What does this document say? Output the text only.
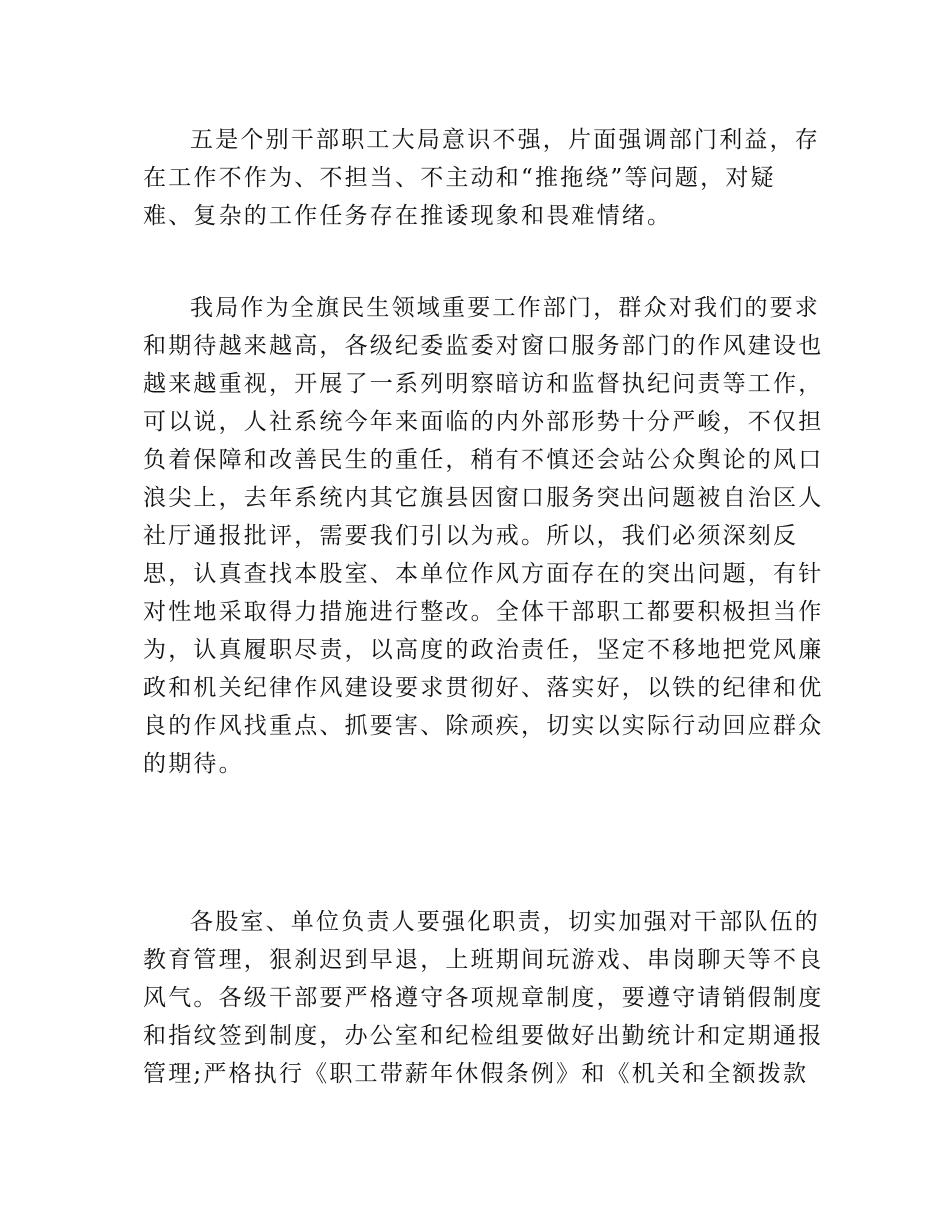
五是个别干部职工大局意识不强，片面强调部门利益，存

在工作不作为、不担当、不主动和“推拖绕”等问题，对疑

难、复杂的工作任务存在推诿现象和畏难情绪。

我局作为全旗民生领域重要工作部门，群众对我们的要求

和期待越来越高，各级纪委监委对窗口服务部门的作风建设也

越来越重视，开展了一系列明察暗访和监督执纪问责等工作，

可以说，人社系统今年来面临的内外部形势十分严峻，不仅担

负着保障和改善民生的重任，稍有不慎还会站公众舆论的风口

浪尖上，去年系统内其它旗县因窗口服务突出问题被自治区人

社厅通报批评，需要我们引以为戒。所以，我们必须深刻反

思，认真查找本股室、本单位作风方面存在的突出问题，有针

对性地采取得力措施进行整改。全体干部职工都要积极担当作

为，认真履职尽责，以高度的政治责任，坚定不移地把党风廉

政和机关纪律作风建设要求贯彻好、落实好，以铁的纪律和优

良的作风找重点、抓要害、除顽疾，切实以实际行动回应群众

的期待。

各股室、单位负责人要强化职责，切实加强对干部队伍的

教育管理，狠刹迟到早退，上班期间玩游戏、串岗聊天等不良

风气。各级干部要严格遵守各项规章制度，要遵守请销假制度

和指纹签到制度，办公室和纪检组要做好出勤统计和定期通报

管理;严格执行《职工带薪年休假条例》和《机关和全额拨款
